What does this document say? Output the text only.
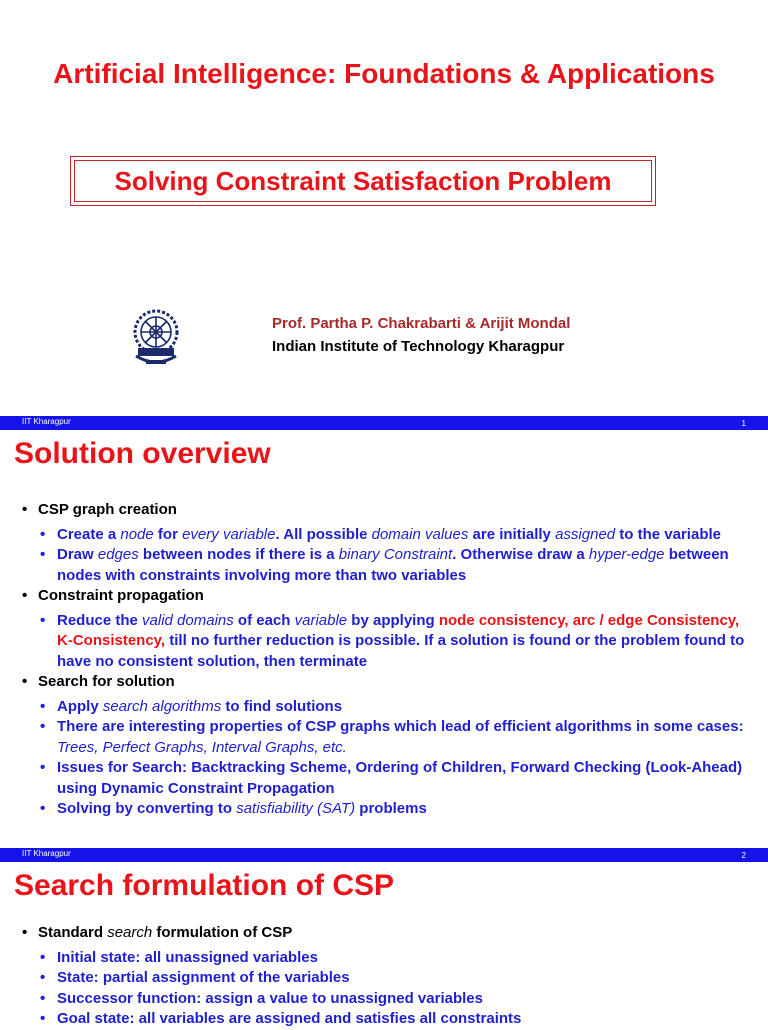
Artificial Intelligence: Foundations & Applications
Solving Constraint Satisfaction Problem
Prof. Partha P. Chakrabarti & Arijit Mondal
Indian Institute of Technology Kharagpur
IIT Kharagpur	1
Solution overview
• CSP graph creation
• Create a node for every variable. All possible domain values are initially assigned to the variable
• Draw edges between nodes if there is a binary Constraint. Otherwise draw a hyper-edge between nodes with constraints involving more than two variables
• Constraint propagation
• Reduce the valid domains of each variable by applying node consistency, arc / edge Consistency, K-Consistency, till no further reduction is possible. If a solution is found or the problem found to have no consistent solution, then terminate
• Search for solution
• Apply search algorithms to find solutions
• There are interesting properties of CSP graphs which lead of efficient algorithms in some cases: Trees, Perfect Graphs, Interval Graphs, etc.
• Issues for Search: Backtracking Scheme, Ordering of Children, Forward Checking (Look-Ahead) using Dynamic Constraint Propagation
• Solving by converting to satisfiability (SAT) problems
IIT Kharagpur	2
Search formulation of CSP
• Standard search formulation of CSP
• Initial state: all unassigned variables
• State: partial assignment of the variables
• Successor function: assign a value to unassigned variables
• Goal state: all variables are assigned and satisfies all constraints
